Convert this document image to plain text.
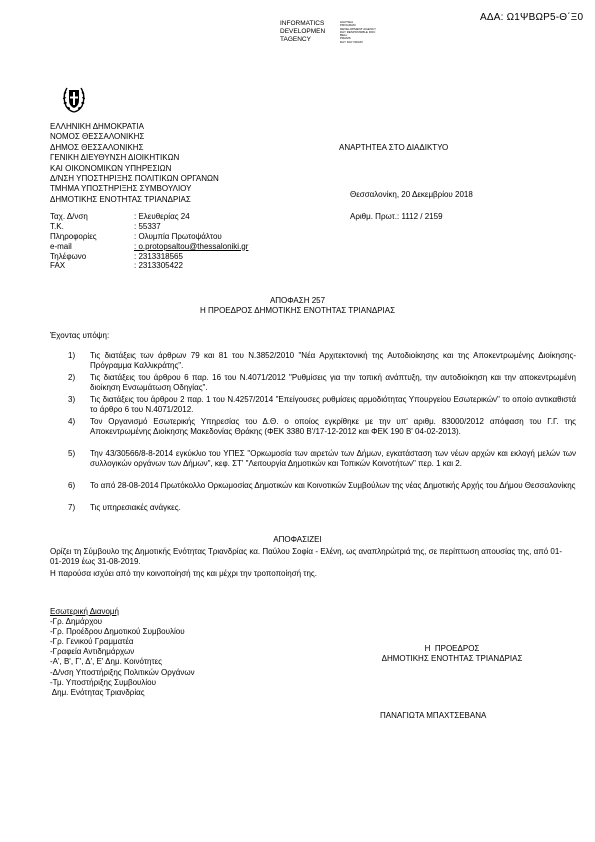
ΑΔΑ: Ω1ΨΒΩΡ5-Θ΄Ξ0
INFORMATICS
DEVELOPMEN
TAGENCY
ΔΙΑΥΓΕΙΑ
PROGRAM
DEVELOPMENT AGENCY
DAY RESPONSIBLE DOC
BELL
PRAMS
DAY DAY DRUM
ΕΛΛΗΝΙΚΗ ΔΗΜΟΚΡΑΤΙΑ
ΝΟΜΟΣ ΘΕΣΣΑΛΟΝΙΚΗΣ
ΔΗΜΟΣ ΘΕΣΣΑΛΟΝΙΚΗΣ
ΓΕΝΙΚΗ ΔΙΕΥΘΥΝΣΗ ΔΙΟΙΚΗΤΙΚΩΝ
ΚΑΙ ΟΙΚΟΝΟΜΙΚΩΝ ΥΠΗΡΕΣΙΩΝ
Δ/ΝΣΗ ΥΠΟΣΤΗΡΙΞΗΣ ΠΟΛΙΤΙΚΩΝ ΟΡΓΑΝΩΝ
ΤΜΗΜΑ ΥΠΟΣΤΗΡΙΞΗΣ ΣΥΜΒΟΥΛΙΟΥ
ΔΗΜΟΤΙΚΗΣ ΕΝΟΤΗΤΑΣ ΤΡΙΑΝΔΡΙΑΣ
ΑΝΑΡΤΗΤΕΑ ΣΤΟ ΔΙΑΔΙΚΤΥΟ
Θεσσαλονίκη, 20 Δεκεμβρίου 2018
Αριθμ. Πρωτ.: 1112 / 2159
Ταχ. Δ/νση	: Ελευθερίας 24
Τ.Κ.	: 55337
Πληροφορίες	: Ολυμπία Πρωτοψάλτου
e-mail	: o.protopsaltou@thessaloniki.gr
Τηλέφωνο	: 2313318565
FAX	: 2313305422
ΑΠΟΦΑΣΗ 257
Η ΠΡΟΕΔΡΟΣ ΔΗΜΟΤΙΚΗΣ ΕΝΟΤΗΤΑΣ ΤΡΙΑΝΔΡΙΑΣ
Έχοντας υπόψη:
1) Τις διατάξεις των άρθρων 79 και 81 του Ν.3852/2010 "Νέα Αρχιτεκτονική της Αυτοδιοίκησης και της Αποκεντρωμένης Διοίκησης- Πρόγραμμα Καλλικράτης".
2) Τις διατάξεις του άρθρου 6 παρ. 16 του Ν.4071/2012 "Ρυθμίσεις για την τοπική ανάπτυξη, την αυτοδιοίκηση και την αποκεντρωμένη διοίκηση Ενσωμάτωση Οδηγίας".
3) Τις διατάξεις του άρθρου 2 παρ. 1 του Ν.4257/2014 "Επείγουσες ρυθμίσεις αρμοδιότητας Υπουργείου Εσωτερικών" το οποίο αντικαθιστά το άρθρο 6 του Ν.4071/2012.
4) Τον Οργανισμό Εσωτερικής Υπηρεσίας του Δ.Θ. ο οποίος εγκρίθηκε με την υπ' αριθμ. 83000/2012 απόφαση του Γ.Γ. της Αποκεντρωμένης Διοίκησης Μακεδονίας Θράκης (ΦΕΚ 3380 Β'/17-12-2012 και ΦΕΚ 190 Β' 04-02-2013).
5) Την 43/30566/8-8-2014 εγκύκλιο του ΥΠΕΣ "Ορκωμοσία των αιρετών των Δήμων, εγκατάσταση των νέων αρχών και εκλογή μελών των συλλογικών οργάνων των Δήμων", κεφ. ΣΤ' "Λειτουργία Δημοτικών και Τοπικών Κοινοτήτων" περ. 1 και 2.
6) Το από 28-08-2014 Πρωτόκολλο Ορκωμοσίας Δημοτικών και Κοινοτικών Συμβούλων της νέας Δημοτικής Αρχής του Δήμου Θεσσαλονίκης
7) Τις υπηρεσιακές ανάγκες.
ΑΠΟΦΑΣΙΖΕΙ
Ορίζει τη Σύμβουλο της Δημοτικής Ενότητας Τριανδρίας κα. Παύλου Σοφία - Ελένη, ως αναπληρώτριά της, σε περίπτωση απουσίας της, από 01-01-2019 έως 31-08-2019.
Η παρούσα ισχύει από την κοινοποίησή της και μέχρι την τροποποίησή της.
Εσωτερική Διανομή
-Γρ. Δημάρχου
-Γρ. Προέδρου Δημοτικού Συμβουλίου
-Γρ. Γενικού Γραμματέα
-Γραφεία Αντιδημάρχων
-Α', Β', Γ', Δ', Ε' Δημ. Κοινότητες
-Δ/νση Υποστήριξης Πολιτικών Οργάνων
-Τμ. Υποστήριξης Συμβουλίου
Δημ. Ενότητας Τριανδρίας
Η  ΠΡΟΕΔΡΟΣ
ΔΗΜΟΤΙΚΗΣ ΕΝΟΤΗΤΑΣ ΤΡΙΑΝΔΡΙΑΣ
ΠΑΝΑΓΙΩΤΑ ΜΠΑΧΤΣΕΒΑΝΑ
